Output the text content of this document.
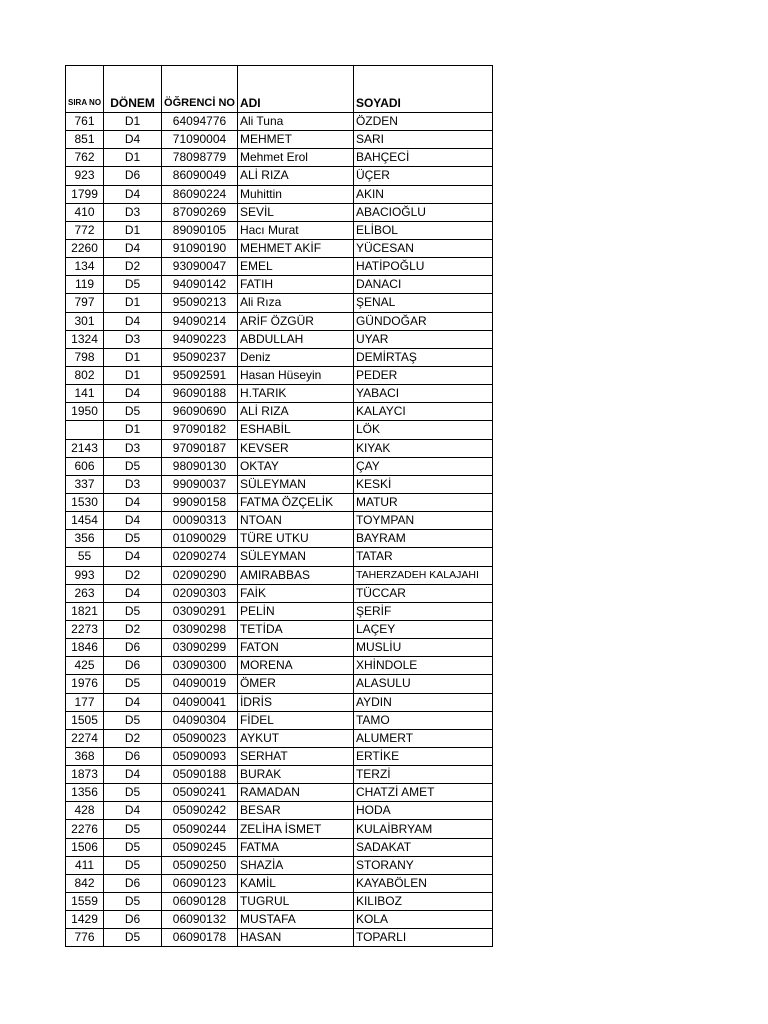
SIRA NO	DÖNEM	ÖĞRENCİ NO	ADI	SOYADI
761	D1	64094776	Ali Tuna	ÖZDEN
851	D4	71090004	MEHMET	SARI
762	D1	78098779	Mehmet Erol	BAHÇECİ
923	D6	86090049	ALİ RIZA	ÜÇER
1799	D4	86090224	Muhittin	AKIN
410	D3	87090269	SEVİL	ABACIOĞLU
772	D1	89090105	Hacı Murat	ELİBOL
2260	D4	91090190	MEHMET AKİF	YÜCESAN
134	D2	93090047	EMEL	HATİPOĞLU
119	D5	94090142	FATIH	DANACI
797	D1	95090213	Ali Rıza	ŞENAL
301	D4	94090214	ARİF ÖZGÜR	GÜNDOĞAR
1324	D3	94090223	ABDULLAH	UYAR
798	D1	95090237	Deniz	DEMİRTAŞ
802	D1	95092591	Hasan Hüseyin	PEDER
141	D4	96090188	H.TARIK	YABACI
1950	D5	96090690	ALİ RIZA	KALAYCI
	D1	97090182	ESHABİL	LÖK
2143	D3	97090187	KEVSER	KIYAK
606	D5	98090130	OKTAY	ÇAY
337	D3	99090037	SÜLEYMAN	KESKİ
1530	D4	99090158	FATMA ÖZÇELİK	MATUR
1454	D4	00090313	NTOAN	TOYMPAN
356	D5	01090029	TÜRE UTKU	BAYRAM
55	D4	02090274	SÜLEYMAN	TATAR
993	D2	02090290	AMIRABBAS	TAHERZADEH KALAJAHI
263	D4	02090303	FAİK	TÜCCAR
1821	D5	03090291	PELİN	ŞERİF
2273	D2	03090298	TETİDA	LAÇEY
1846	D6	03090299	FATON	MUSLİU
425	D6	03090300	MORENA	XHİNDOLE
1976	D5	04090019	ÖMER	ALASULU
177	D4	04090041	İDRİS	AYDIN
1505	D5	04090304	FİDEL	TAMO
2274	D2	05090023	AYKUT	ALUMERT
368	D6	05090093	SERHAT	ERTİKE
1873	D4	05090188	BURAK	TERZİ
1356	D5	05090241	RAMADAN	CHATZİ AMET
428	D4	05090242	BESAR	HODA
2276	D5	05090244	ZELİHA İSMET	KULAİBRYAM
1506	D5	05090245	FATMA	SADAKAT
411	D5	05090250	SHAZİA	STORANY
842	D6	06090123	KAMİL	KAYABÖLEN
1559	D5	06090128	TUGRUL	KILIBOZ
1429	D6	06090132	MUSTAFA	KOLA
776	D5	06090178	HASAN	TOPARLI
